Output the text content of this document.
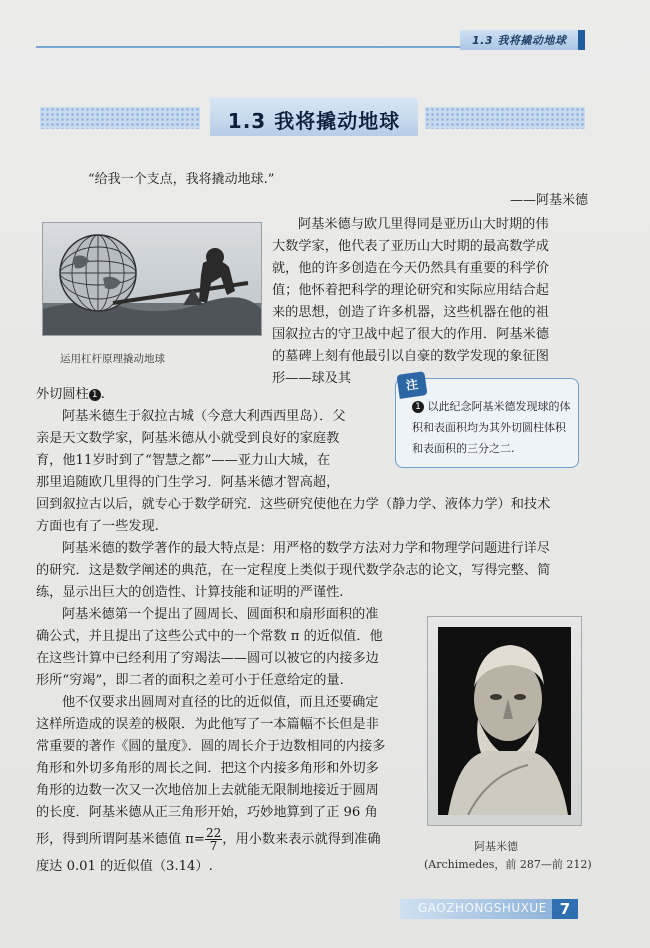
1.3 我将撬动地球
1.3 我将撬动地球
“给我一个支点，我将撬动地球.”
——阿基米德
运用杠杆原理撬动地球
阿基米德与欧几里得同是亚历山大时期的伟
大数学家，他代表了亚历山大时期的最高数学成
就，他的许多创造在今天仍然具有重要的科学价
值；他怀着把科学的理论研究和实际应用结合起
来的思想，创造了许多机器，这些机器在他的祖
国叙拉古的守卫战中起了很大的作用．阿基米德
的墓碑上刻有他最引以自豪的数学发现的象征图
形——球及其	注
1 以此纪念阿基米德发现球的体积和表面积均为其外切圆柱体积和表面积的三分之二.
外切圆柱 1 .
阿基米德生于叙拉古城（今意大利西西里岛）．父
亲是天文数学家，阿基米德从小就受到良好的家庭教
育，他11岁时到了“智慧之都”——亚力山大城，在
那里追随欧几里得的门生学习．阿基米德才智高超，
回到叙拉古以后，就专心于数学研究．这些研究使他在力学（静力学、液体力学）和技术
方面也有了一些发现.
阿基米德的数学著作的最大特点是：用严格的数学方法对力学和物理学问题进行详尽
的研究．这是数学阐述的典范，在一定程度上类似于现代数学杂志的论文，写得完整、简
练，显示出巨大的创造性、计算技能和证明的严谨性.
阿基米德第一个提出了圆周长、圆面积和扇形面积的准
确公式，并且提出了这些公式中的一个常数 π 的近似值．他
在这些计算中已经利用了穷竭法——圆可以被它的内接多边
形所“穷竭”，即二者的面积之差可小于任意给定的量.
他不仅要求出圆周对直径的比的近似值，而且还要确定
这样所造成的误差的极限．为此他写了一本篇幅不长但是非
常重要的著作《圆的量度》．圆的周长介于边数相同的内接多
角形和外切多角形的周长之间．把这个内接多角形和外切多
角形的边数一次又一次地倍加上去就能无限制地接近于圆周
的长度．阿基米德从正三角形开始，巧妙地算到了正 96 角
形，得到所谓阿基米德值 $\pi= \frac{22}{7}$ ，用小数来表示就得到准确
度达 0.01 的近似值（3.14）.
阿基米德
(Archimedes，前 287—前 212)
GAOZHONGSHUXUE 7
